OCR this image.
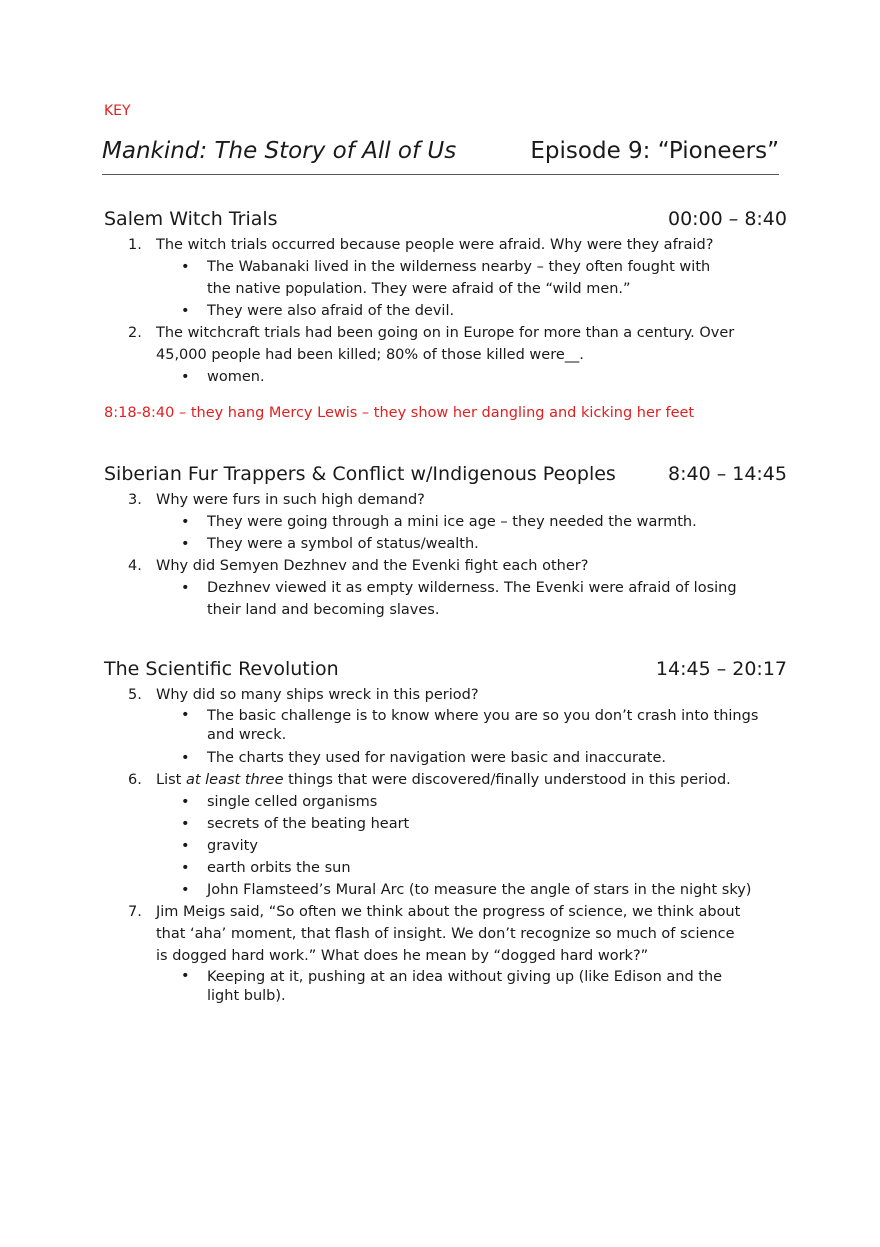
KEY
Mankind: The Story of All of Us	Episode 9: “Pioneers”
Salem Witch Trials	00:00 – 8:40
1. The witch trials occurred because people were afraid. Why were they afraid?

• The Wabanaki lived in the wilderness nearby – they often fought with the native population. They were afraid of the “wild men.”

• They were also afraid of the devil.

2. The witchcraft trials had been going on in Europe for more than a century. Over 45,000 people had been killed; 80% of those killed were__.

• women.

8:18-8:40 – they hang Mercy Lewis – they show her dangling and kicking her feet
Siberian Fur Trappers & Conflict w/Indigenous Peoples	8:40 – 14:45
3. Why were furs in such high demand?

• They were going through a mini ice age – they needed the warmth.

• They were a symbol of status/wealth.

4. Why did Semyen Dezhnev and the Evenki fight each other?

• Dezhnev viewed it as empty wilderness. The Evenki were afraid of losing their land and becoming slaves.

The Scientific Revolution	14:45 – 20:17
5. Why did so many ships wreck in this period?

• The basic challenge is to know where you are so you don’t crash into things and wreck.

• The charts they used for navigation were basic and inaccurate.

6. List at least three things that were discovered/finally understood in this period.

• single celled organisms

• secrets of the beating heart

• gravity

• earth orbits the sun

• John Flamsteed’s Mural Arc (to measure the angle of stars in the night sky)

7. Jim Meigs said, “So often we think about the progress of science, we think about that ‘aha’ moment, that flash of insight. We don’t recognize so much of science is dogged hard work.” What does he mean by “dogged hard work?”

• Keeping at it, pushing at an idea without giving up (like Edison and the light bulb).
